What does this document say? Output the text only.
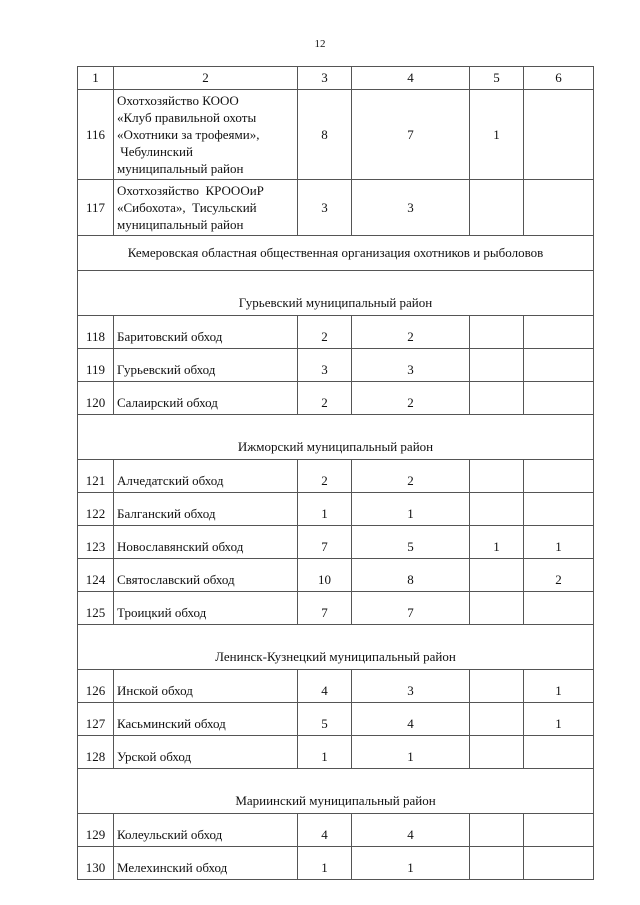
12
1	2	3	4	5	6
116	Охотхозяйство КООО
«Клуб правильной охоты
«Охотники за трофеями»,
Чебулинский
муниципальный район	8	7	1	
117	Охотхозяйство  КРОООиР
«Сибохота»,  Тисульский
муниципальный район	3	3		
Кемеровская областная общественная организация охотников и рыболовов					
Гурьевский муниципальный район					
118	Баритовский обход	2	2		
119	Гурьевский обход	3	3		
120	Салаирский обход	2	2		
Ижморский муниципальный район					
121	Алчедатский обход	2	2		
122	Балганский обход	1	1		
123	Новославянский обход	7	5	1	1
124	Святославский обход	10	8		2
125	Троицкий обход	7	7		
Ленинск-Кузнецкий муниципальный район					
126	Инской обход	4	3		1
127	Касьминский обход	5	4		1
128	Урской обход	1	1		
Мариинский муниципальный район					
129	Колеульский обход	4	4		
130	Мелехинский обход	1	1		
